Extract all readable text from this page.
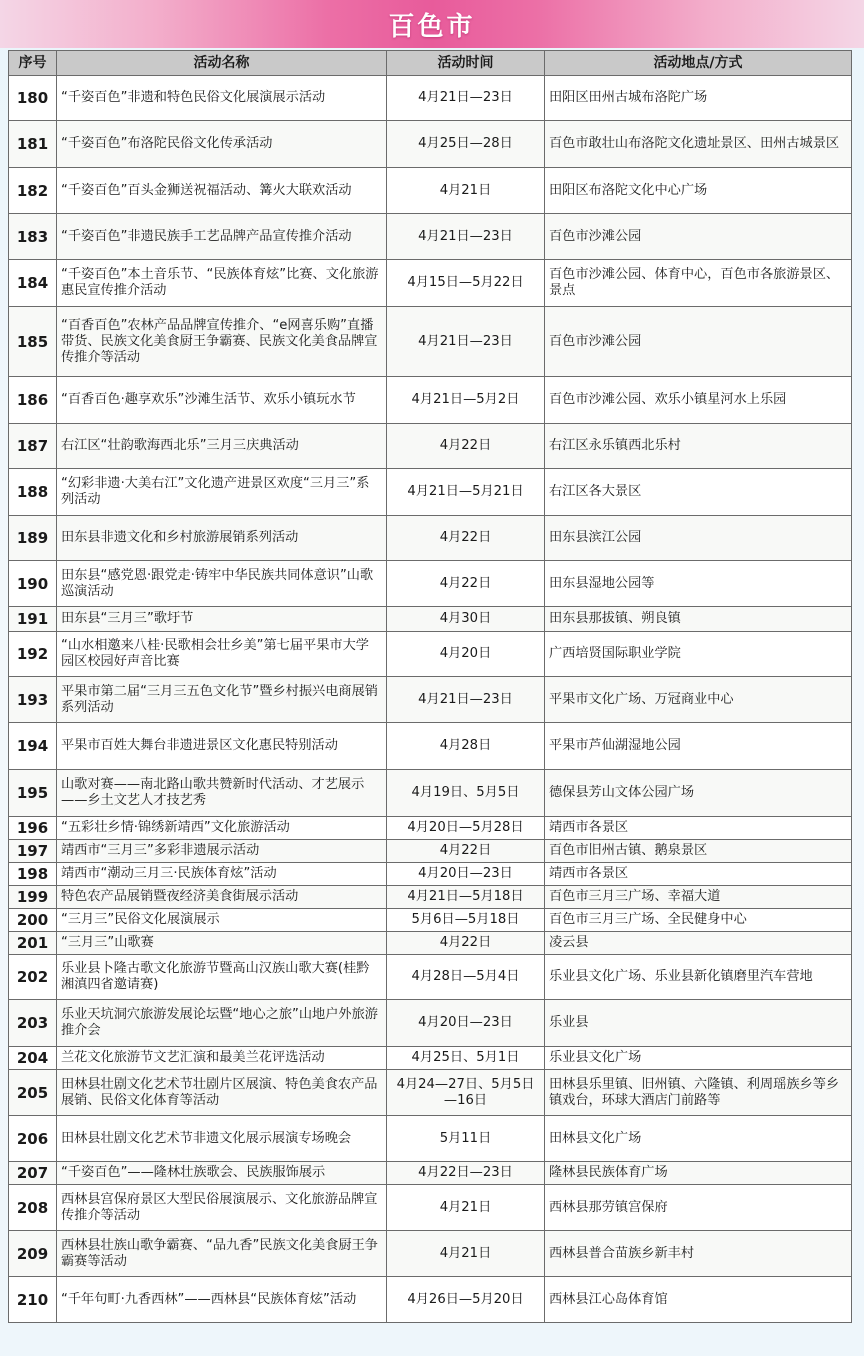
百色市
序号	活动名称	活动时间	活动地点/方式
180	“千姿百色”非遗和特色民俗文化展演展示活动	4月21日—23日	田阳区田州古城布洛陀广场
181	“千姿百色”布洛陀民俗文化传承活动	4月25日—28日	百色市敢壮山布洛陀文化遗址景区、田州古城景区
182	“千姿百色”百头金狮送祝福活动、篝火大联欢活动	4月21日	田阳区布洛陀文化中心广场
183	“千姿百色”非遗民族手工艺品牌产品宣传推介活动	4月21日—23日	百色市沙滩公园
184	“千姿百色”本土音乐节、“民族体育炫”比赛、文化旅游惠民宣传推介活动	4月15日—5月22日	百色市沙滩公园、体育中心，百色市各旅游景区、景点
185	“百香百色”农林产品品牌宣传推介、“e网喜乐购”直播带货、民族文化美食厨王争霸赛、民族文化美食品牌宣传推介等活动	4月21日—23日	百色市沙滩公园
186	“百香百色·趣享欢乐”沙滩生活节、欢乐小镇玩水节	4月21日—5月2日	百色市沙滩公园、欢乐小镇星河水上乐园
187	右江区“壮韵歌海西北乐”三月三庆典活动	4月22日	右江区永乐镇西北乐村
188	“幻彩非遗·大美右江”文化遗产进景区欢度“三月三”系列活动	4月21日—5月21日	右江区各大景区
189	田东县非遗文化和乡村旅游展销系列活动	4月22日	田东县滨江公园
190	田东县“感党恩·跟党走·铸牢中华民族共同体意识”山歌巡演活动	4月22日	田东县湿地公园等
191	田东县“三月三”歌圩节	4月30日	田东县那拔镇、朔良镇
192	“山水相邀来八桂·民歌相会壮乡美”第七届平果市大学园区校园好声音比赛	4月20日	广西培贤国际职业学院
193	平果市第二届“三月三五色文化节”暨乡村振兴电商展销系列活动	4月21日—23日	平果市文化广场、万冠商业中心
194	平果市百姓大舞台非遗进景区文化惠民特别活动	4月28日	平果市芦仙湖湿地公园
195	山歌对赛——南北路山歌共赞新时代活动、才艺展示——乡土文艺人才技艺秀	4月19日、5月5日	德保县芳山文体公园广场
196	“五彩壮乡情·锦绣新靖西”文化旅游活动	4月20日—5月28日	靖西市各景区
197	靖西市“三月三”多彩非遗展示活动	4月22日	百色市旧州古镇、鹅泉景区
198	靖西市“潮动三月三·民族体育炫”活动	4月20日—23日	靖西市各景区
199	特色农产品展销暨夜经济美食街展示活动	4月21日—5月18日	百色市三月三广场、幸福大道
200	“三月三”民俗文化展演展示	5月6日—5月18日	百色市三月三广场、全民健身中心
201	“三月三”山歌赛	4月22日	凌云县
202	乐业县卜隆古歌文化旅游节暨高山汉族山歌大赛(桂黔湘滇四省邀请赛)	4月28日—5月4日	乐业县文化广场、乐业县新化镇磨里汽车营地
203	乐业天坑洞穴旅游发展论坛暨“地心之旅”山地户外旅游推介会	4月20日—23日	乐业县
204	兰花文化旅游节文艺汇演和最美兰花评选活动	4月25日、5月1日	乐业县文化广场
205	田林县壮剧文化艺术节壮剧片区展演、特色美食农产品展销、民俗文化体育等活动	4月24—27日、5月5日—16日	田林县乐里镇、旧州镇、六隆镇、利周瑶族乡等乡镇戏台，环球大酒店门前路等
206	田林县壮剧文化艺术节非遗文化展示展演专场晚会	5月11日	田林县文化广场
207	“千姿百色”——隆林壮族歌会、民族服饰展示	4月22日—23日	隆林县民族体育广场
208	西林县宫保府景区大型民俗展演展示、文化旅游品牌宣传推介等活动	4月21日	西林县那劳镇宫保府
209	西林县壮族山歌争霸赛、“品九香”民族文化美食厨王争霸赛等活动	4月21日	西林县普合苗族乡新丰村
210	“千年句町·九香西林”——西林县“民族体育炫”活动	4月26日—5月20日	西林县江心岛体育馆
